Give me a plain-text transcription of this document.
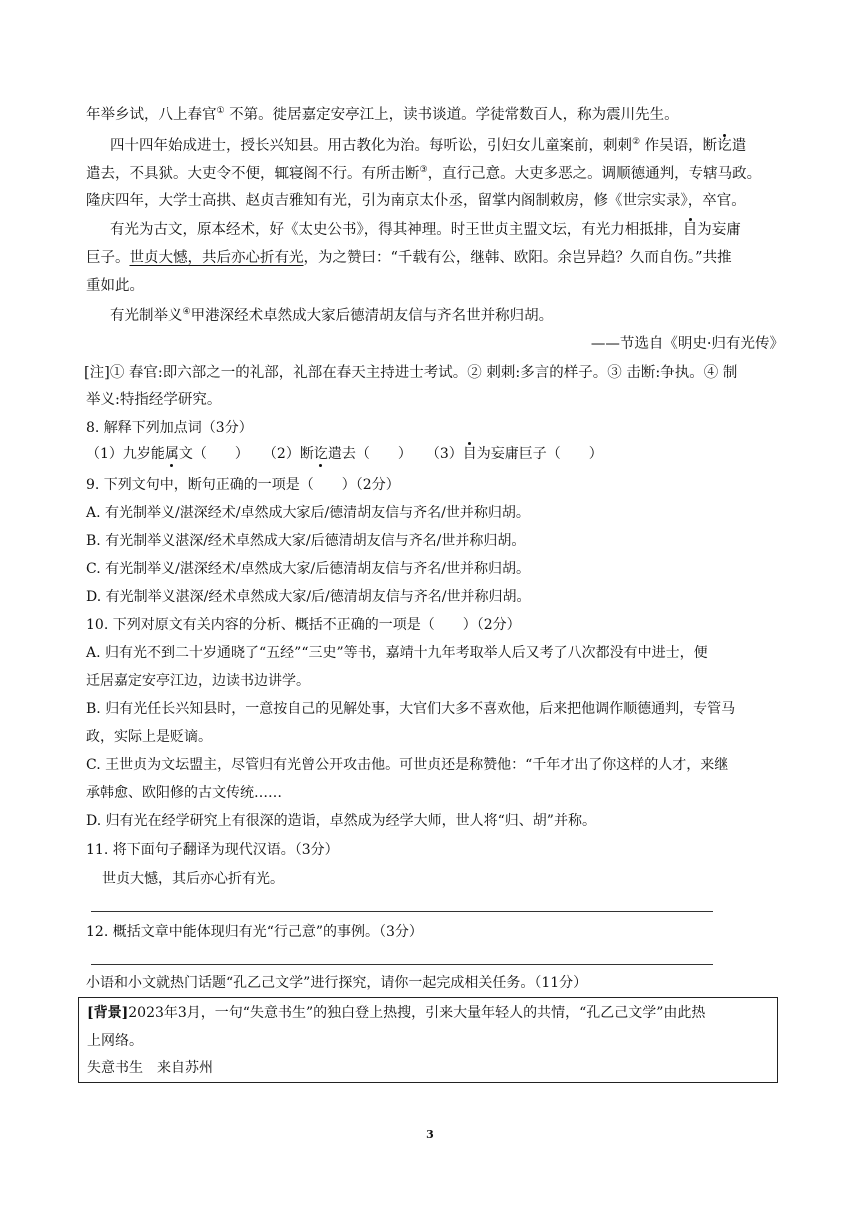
年举乡试，八上春官① 不第。徙居嘉定安亭江上，读书谈道。学徒常数百人，称为震川先生。
四十四年始成进士，授长兴知县。用古教化为治。每听讼，引妇女儿童案前，刺刺② 作吴语，断讫遣
遣去，不具狱。大吏令不便，辄寝阁不行。有所击断③，直行己意。大吏多恶之。调顺德通判，专辖马政。
隆庆四年，大学士高拱、赵贞吉雅知有光，引为南京太仆丞，留掌内阁制敕房，修《世宗实录》，卒官。
有光为古文，原本经术，好《太史公书》，得其神理。时王世贞主盟文坛，有光力相抵排，目为妄庸
巨子。世贞大憾，共后亦心折有光，为之赞曰：“千载有公，继韩、欧阳。余岂异趋？久而自伤。”共推
重如此。
有光制举义④甲港深经术卓然成大家后德清胡友信与齐名世并称归胡。
——节选自《明史·归有光传》
[注]① 春官:即六部之一的礼部，礼部在春天主持进士考试。② 刺刺:多言的样子。③ 击断:争执。④ 制
举义:特指经学研究。
8. 解释下列加点词（3分）
（1）九岁能属文（　　） （2）断讫遣去（　　） （3）目为妄庸巨子（　　）
9. 下列文句中，断句正确的一项是（　　）（2分）
A. 有光制举义/湛深经术/卓然成大家后/德清胡友信与齐名/世并称归胡。
B. 有光制举义湛深/经术卓然成大家/后德清胡友信与齐名/世并称归胡。
C. 有光制举义/湛深经术/卓然成大家/后德清胡友信与齐名/世并称归胡。
D. 有光制举义湛深/经术卓然成大家/后/德清胡友信与齐名/世并称归胡。
10. 下列对原文有关内容的分析、概括不正确的一项是（　　）（2分）
A. 归有光不到二十岁通晓了“五经”“三史”等书，嘉靖十九年考取举人后又考了八次都没有中进士，便
迁居嘉定安亭江边，边读书边讲学。
B. 归有光任长兴知县时，一意按自己的见解处事，大官们大多不喜欢他，后来把他调作顺德通判，专管马
政，实际上是贬谪。
C. 王世贞为文坛盟主，尽管归有光曾公开攻击他。可世贞还是称赞他：“千年才出了你这样的人才，来继
承韩愈、欧阳修的古文传统……
D. 归有光在经学研究上有很深的造诣，卓然成为经学大师，世人将“归、胡”并称。
11. 将下面句子翻译为现代汉语。（3分）
世贞大憾，其后亦心折有光。
12. 概括文章中能体现归有光“行己意”的事例。（3分）
小语和小文就热门话题“孔乙己文学”进行探究，请你一起完成相关任务。（11分）
[背景]2023年3月，一句“失意书生”的独白登上热搜，引来大量年轻人的共情，“孔乙己文学”由此热
上网络。
失意书生　来自苏州
3
